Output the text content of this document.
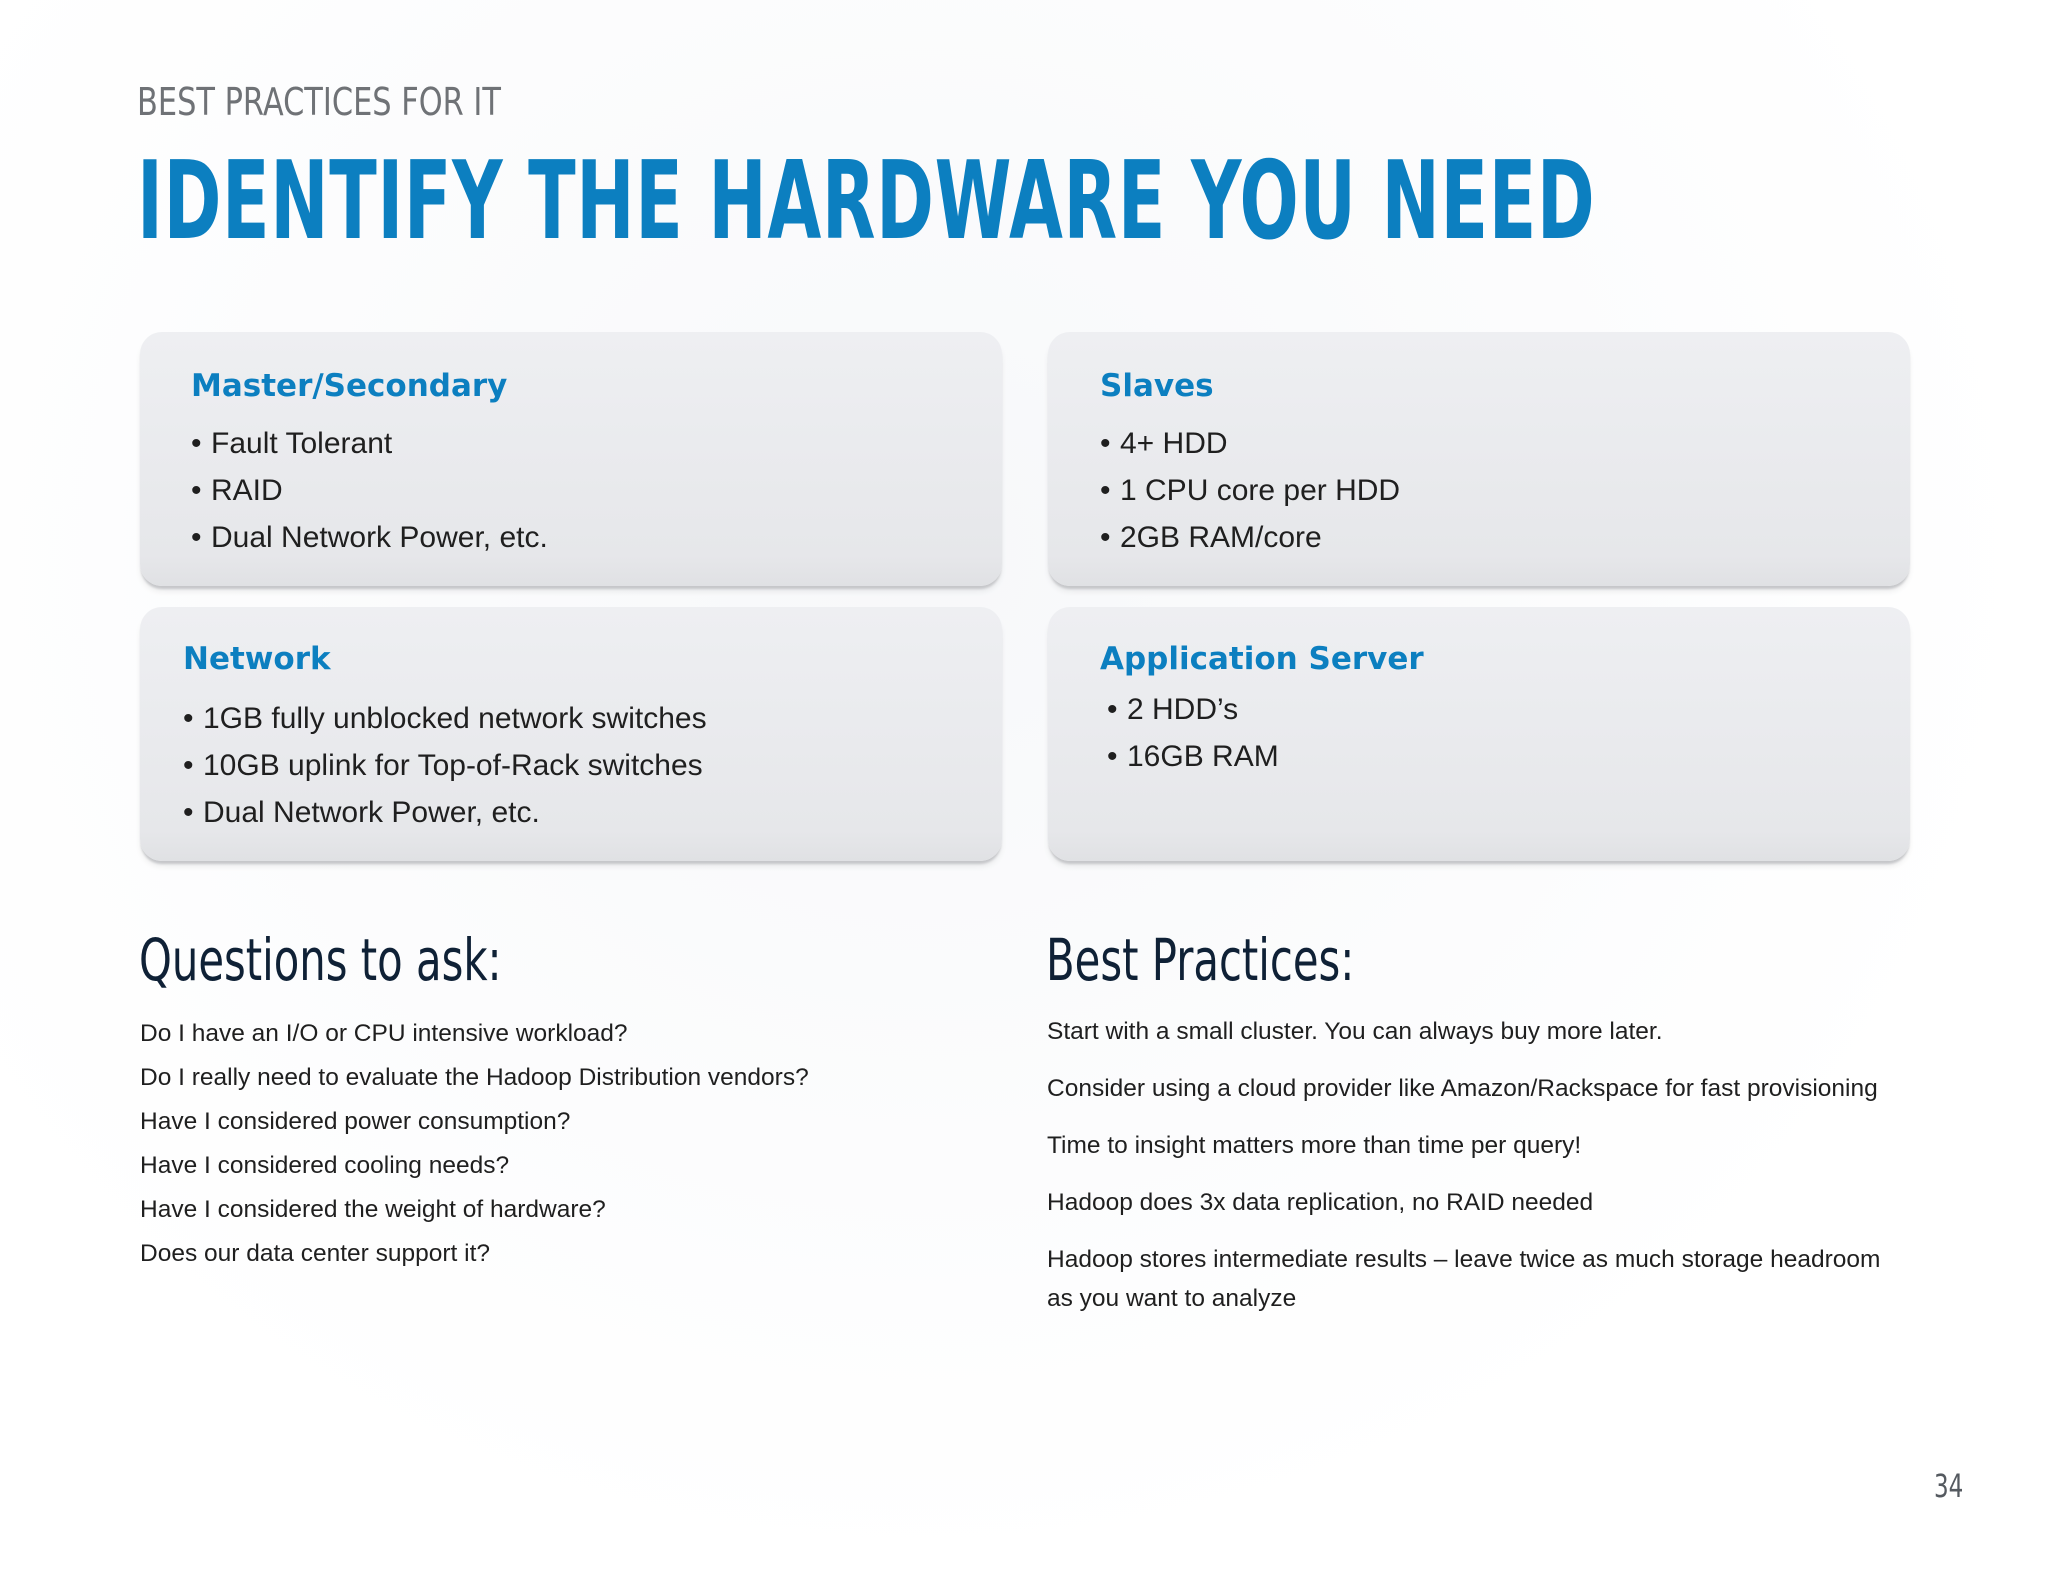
BEST PRACTICES FOR IT
IDENTIFY THE HARDWARE YOU NEED
Master/Secondary
• Fault Tolerant
• RAID
• Dual Network Power, etc.
Slaves
• 4+ HDD
• 1 CPU core per HDD
• 2GB RAM/core
Network
• 1GB fully unblocked network switches
• 10GB uplink for Top-of-Rack switches
• Dual Network Power, etc.
Application Server
• 2 HDD’s
• 16GB RAM
Questions to ask:
Do I have an I/O or CPU intensive workload?
Do I really need to evaluate the Hadoop Distribution vendors?
Have I considered power consumption?
Have I considered cooling needs?
Have I considered the weight of hardware?
Does our data center support it?
Best Practices:
Start with a small cluster. You can always buy more later.
Consider using a cloud provider like Amazon/Rackspace for fast provisioning
Time to insight matters more than time per query!
Hadoop does 3x data replication, no RAID needed
Hadoop stores intermediate results – leave twice as much storage headroom as you want to analyze
34
